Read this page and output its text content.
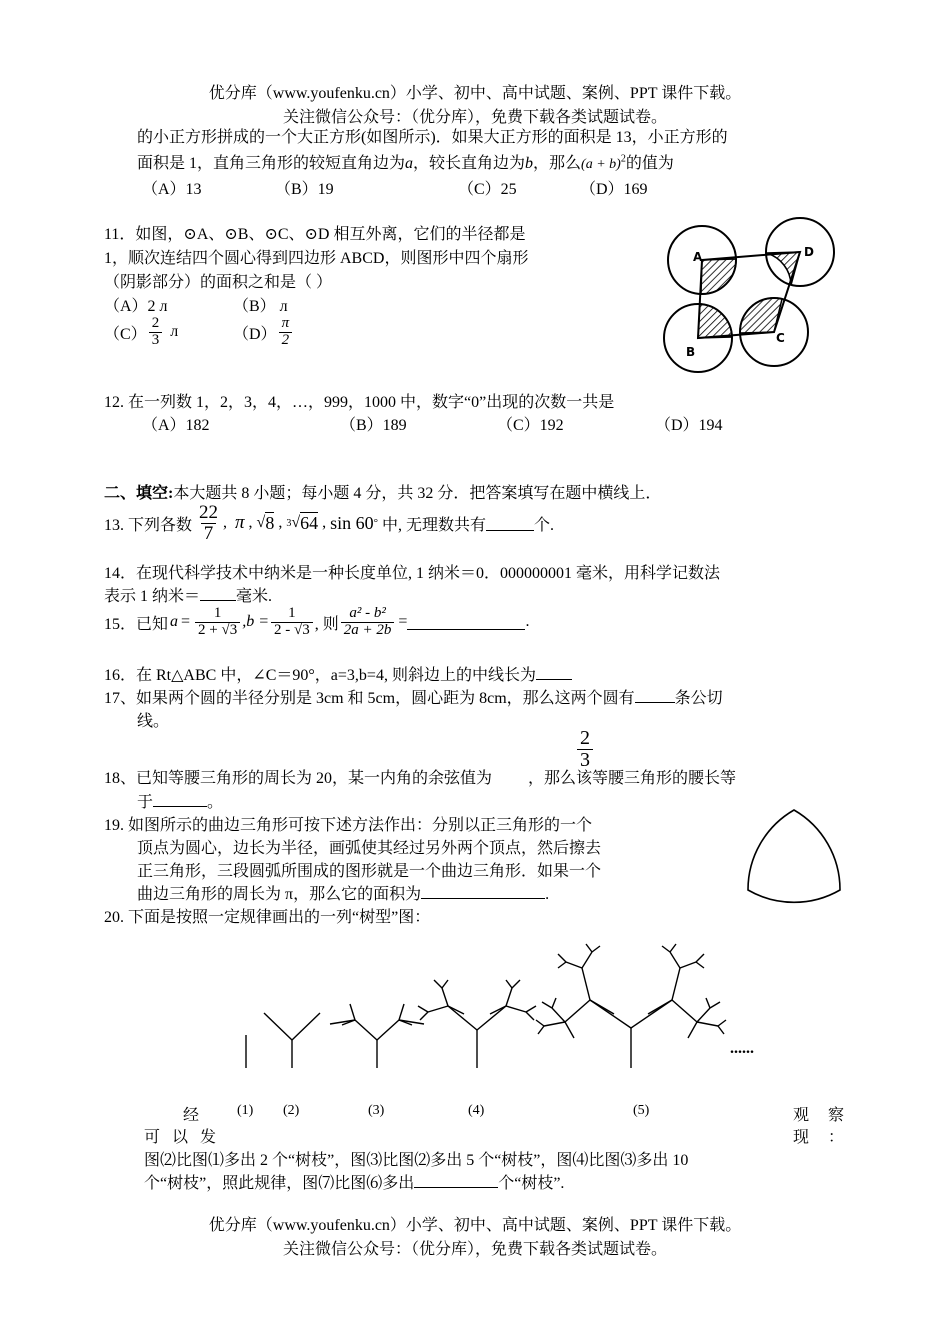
优分库（www.youfenku.cn）小学、初中、高中试题、案例、PPT 课件下载。
关注微信公众号：（优分库），免费下载各类试题试卷。
的小正方形拼成的一个大正方形(如图所示)．如果大正方形的面积是 13，小正方形的
面积是 1，直角三角形的较短直角边为a，较长直角边为b，那么$(a + b)^2$的值为
（A）13	（B）19	（C）25	（D）169
11．如图，⊙A、⊙B、⊙C、⊙D 相互外离，它们的半径都是
1，顺次连结四个圆心得到四边形 ABCD，则图形中四个扇形
（阴影部分）的面积之和是（ ）
（A）2 л	（B） л
$(C) \frac{2}{3}$ л	$(D) \frac{\pi}{2}$
A	D
B
C
12. 在一列数 1，2，3，4，…，999，1000 中，数字“0”出现的次数一共是
（A）182	（B）189	（C）192	（D）194
二、填空:本大题共 8 小题；每小题 4 分，共 32 分．把答案填写在题中横线上．
13. 下列各数 $\frac{22}{7}$ , π , √ 8 , 3 √ 64 , sin 60 °
中, 无理数共有	个.
14．在现代科学技术中纳米是一种长度单位, 1 纳米＝0．000000001 毫米，用科学记数法
表示 1 纳米＝ 毫米.
15．已知 $a = \frac{1}{2 + √3} ,b = \frac{1}{2 - √3}$ , 则 $\frac{\text{a² - b²}}{2a + 2b}$ =	.
16．在 Rt△ABC 中，∠C＝90°，a=3,b=4, 则斜边上的中线长为
17、如果两个圆的半径分别是 3cm 和 5cm，圆心距为 8cm，那么这两个圆有	条公切
线。
$\frac{2}{3}$
18、已知等腰三角形的周长为 20，某一内角的余弦值为 ，那么该等腰三角形的腰长等
于	。
19. 如图所示的曲边三角形可按下述方法作出：分别以正三角形的一个
顶点为圆心，边长为半径，画弧使其经过另外两个顶点，然后擦去
正三角形，三段圆弧所围成的图形就是一个曲边三角形．如果一个
曲边三角形的周长为 π，那么它的面积为	.
20. 下面是按照一定规律画出的一列“树型”图：
......
经	(1) (2)	(3)	(4)	(5)	观 察
可 以 发	现 ：
图⑵比图⑴多出 2 个“树枝”，图⑶比图⑵多出 5 个“树枝”，图⑷比图⑶多出 10
个“树枝”，照此规律，图⑺比图⑹多出	个“树枝”.
优分库（www.youfenku.cn）小学、初中、高中试题、案例、PPT 课件下载。
关注微信公众号：（优分库），免费下载各类试题试卷。
